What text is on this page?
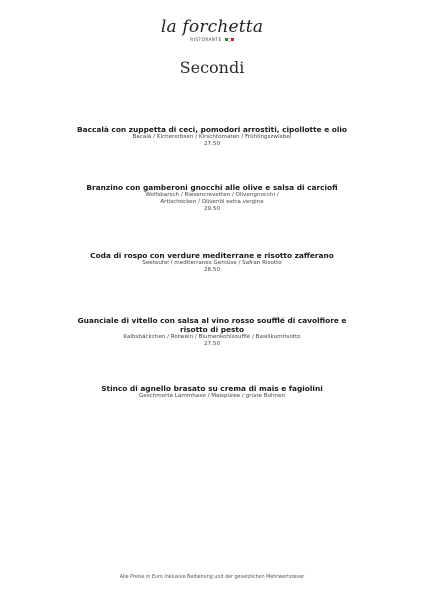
la forchetta
RISTORANTE
Secondi
Baccalà con zuppetta di ceci, pomodori arrostiti, cipollotte e olio
Bacalà / Kichererbsen / Kirschtomaten / Frühlingszwiebel
27.50
Branzino con gamberoni gnocchi alle olive e salsa di carciofi
Wolfsbarsch / Riesencrevetten / Olivengnocchi /
Artischocken / Olivenöl extra vergine
29.50
Coda di rospo con verdure mediterrane e risotto zafferano
Seeteufel / mediterranes Gemüse / Safran Risotto
28.50
Guanciale di vitello con salsa al vino rosso soufflé di cavolfiore e risotto di pesto
Kalbsbäckchen / Rotwein / Blumenkohlsoufflé / Basilikumrisotto
27.50
Stinco di agnello brasato su crema di mais e fagiolini
Geschmorte Lammhaxe / Maispüree / grüne Bohnen
Alle Preise in Euro inklusive Bedienung und der gesetzlichen Mehrwertsteuer
